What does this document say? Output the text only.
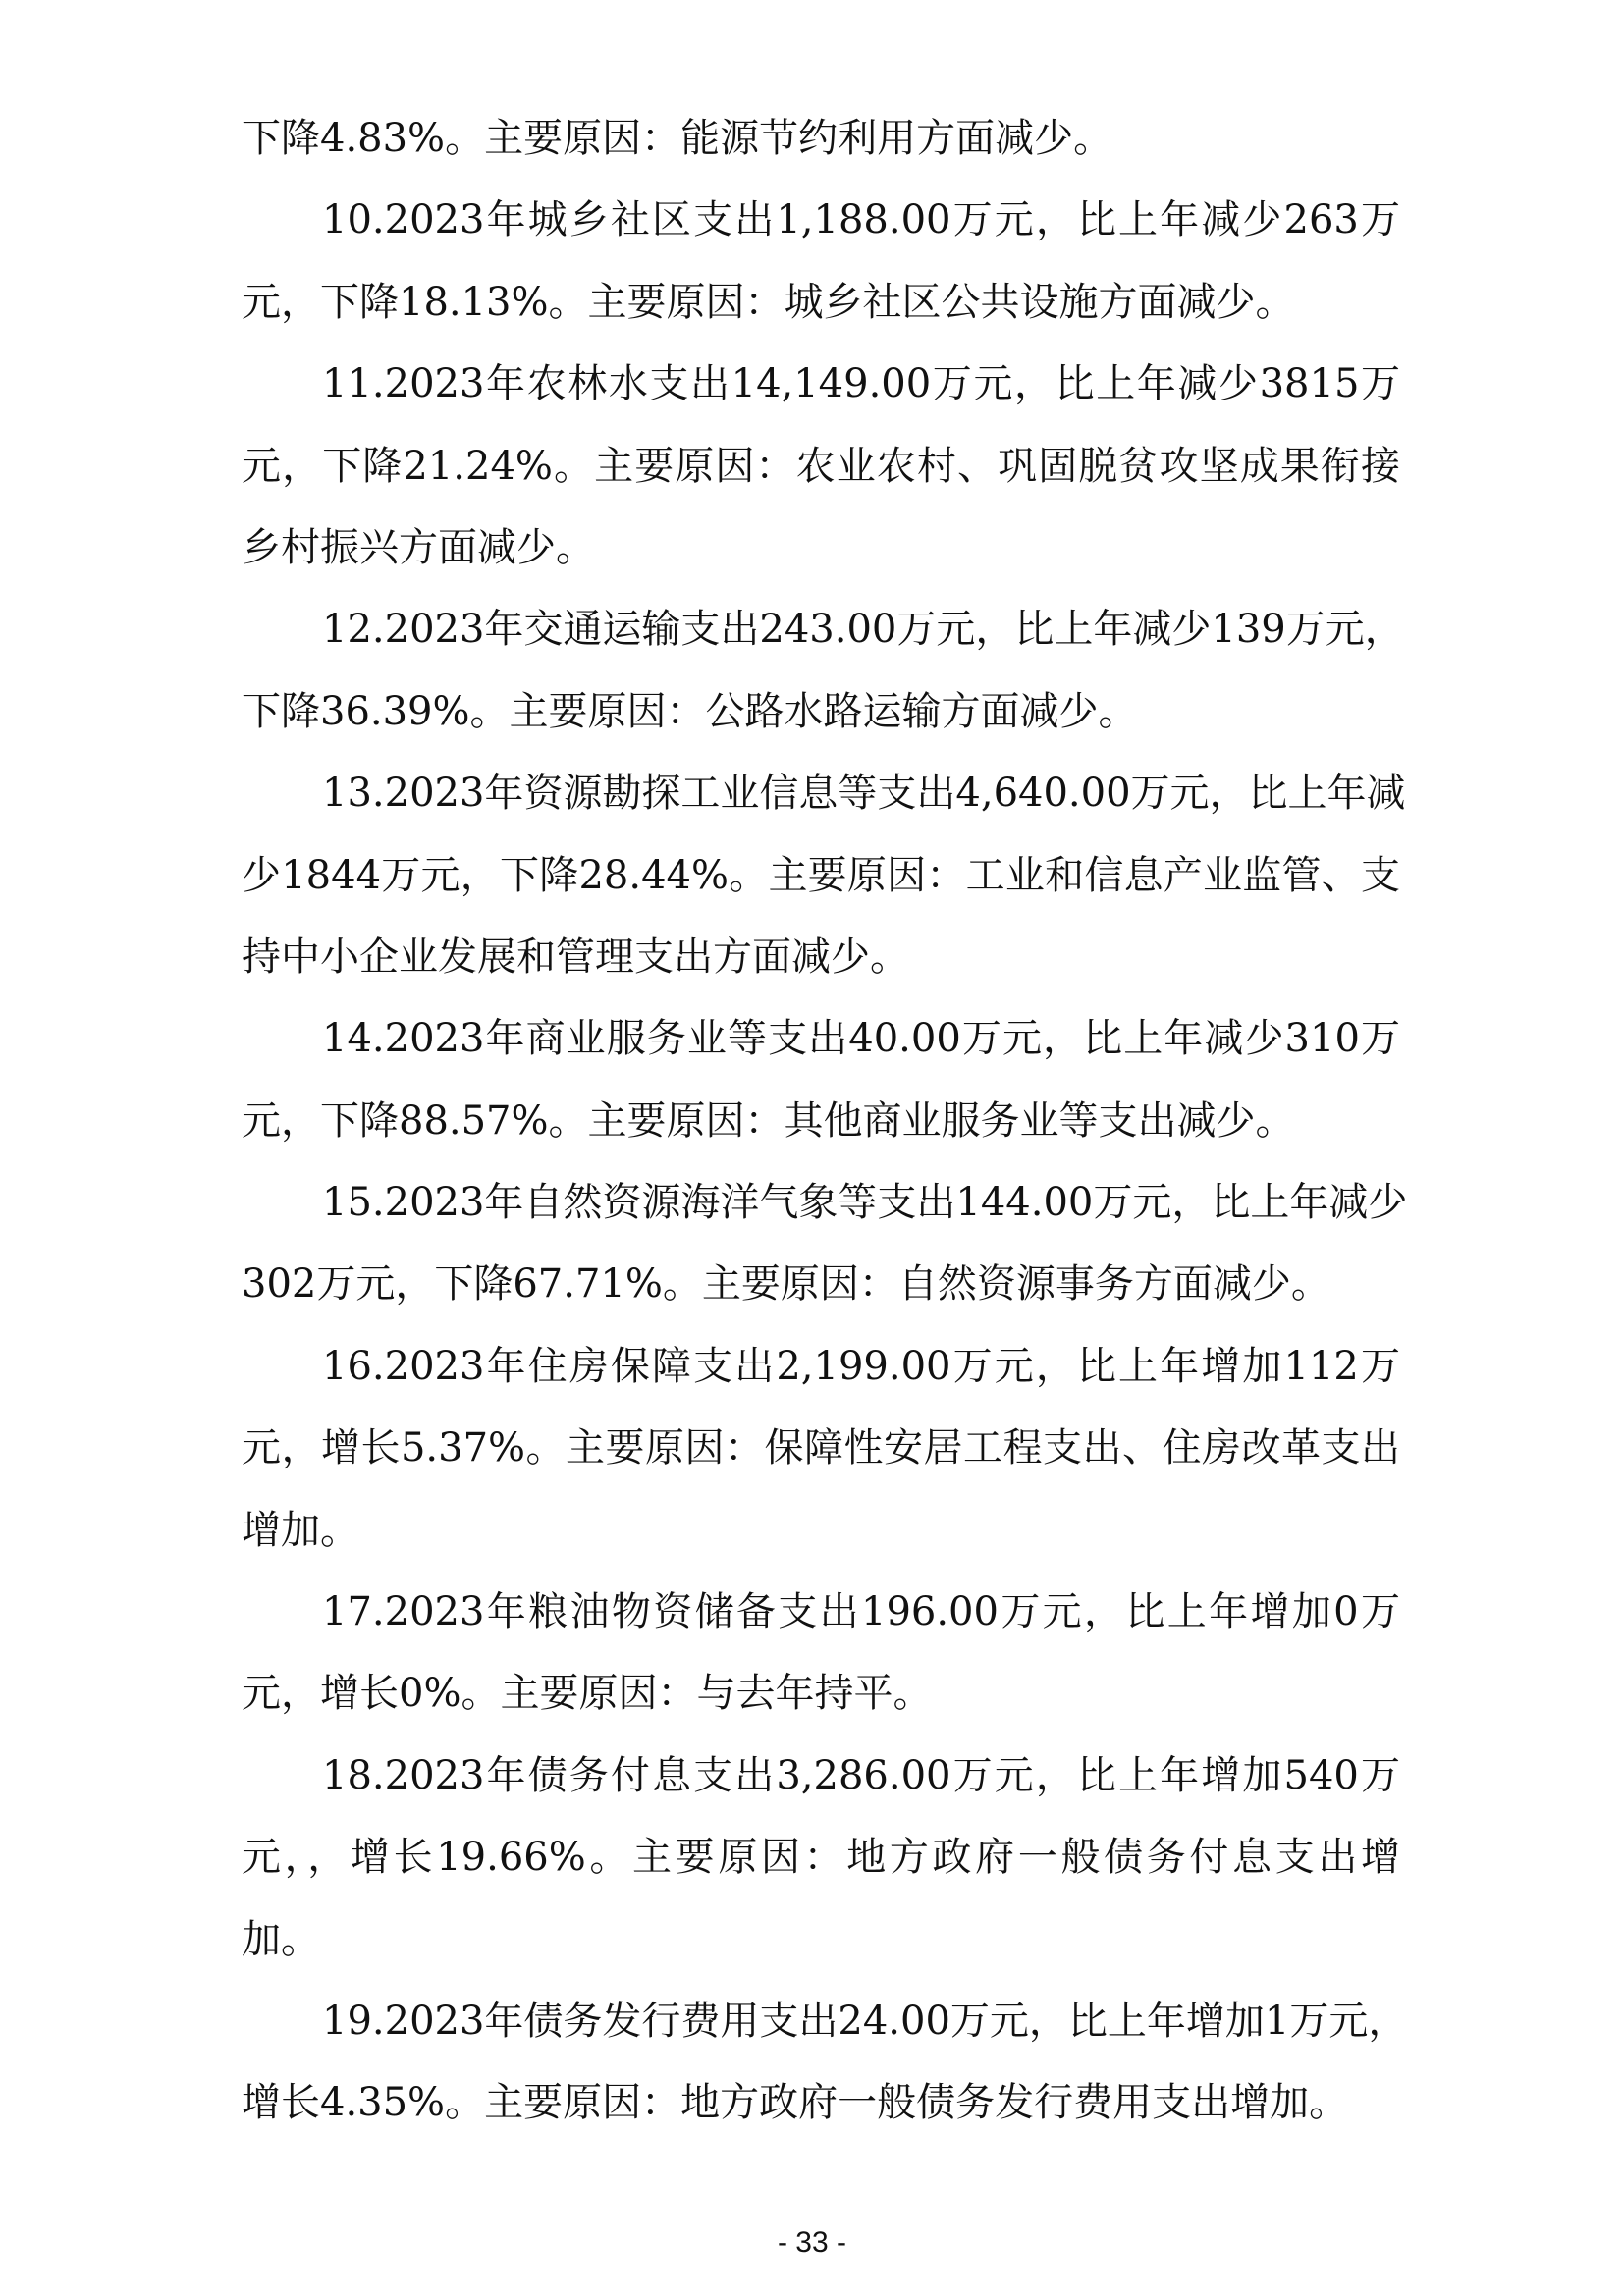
下降4.83%。主要原因：能源节约利用方面减少。
10.2023年城乡社区支出1,188.00万元，比上年减少263万
元，下降18.13%。主要原因：城乡社区公共设施方面减少。
11.2023年农林水支出14,149.00万元，比上年减少3815万
元，下降21.24%。主要原因：农业农村、巩固脱贫攻坚成果衔接
乡村振兴方面减少。
12.2023年交通运输支出243.00万元，比上年减少139万元，
下降36.39%。主要原因：公路水路运输方面减少。
13.2023年资源勘探工业信息等支出4,640.00万元，比上年减
少1844万元，下降28.44%。主要原因：工业和信息产业监管、支
持中小企业发展和管理支出方面减少。
14.2023年商业服务业等支出40.00万元，比上年减少310万
元，下降88.57%。主要原因：其他商业服务业等支出减少。
15.2023年自然资源海洋气象等支出144.00万元，比上年减少
302万元，下降67.71%。主要原因：自然资源事务方面减少。
16.2023年住房保障支出2,199.00万元，比上年增加112万
元，增长5.37%。主要原因：保障性安居工程支出、住房改革支出
增加。
17.2023年粮油物资储备支出196.00万元，比上年增加0万
元，增长0%。主要原因：与去年持平。
18.2023年债务付息支出3,286.00万元，比上年增加540万
元，，增长19.66%。主要原因：地方政府一般债务付息支出增
加。
19.2023年债务发行费用支出24.00万元，比上年增加1万元，
增长4.35%。主要原因：地方政府一般债务发行费用支出增加。
- 33 -
